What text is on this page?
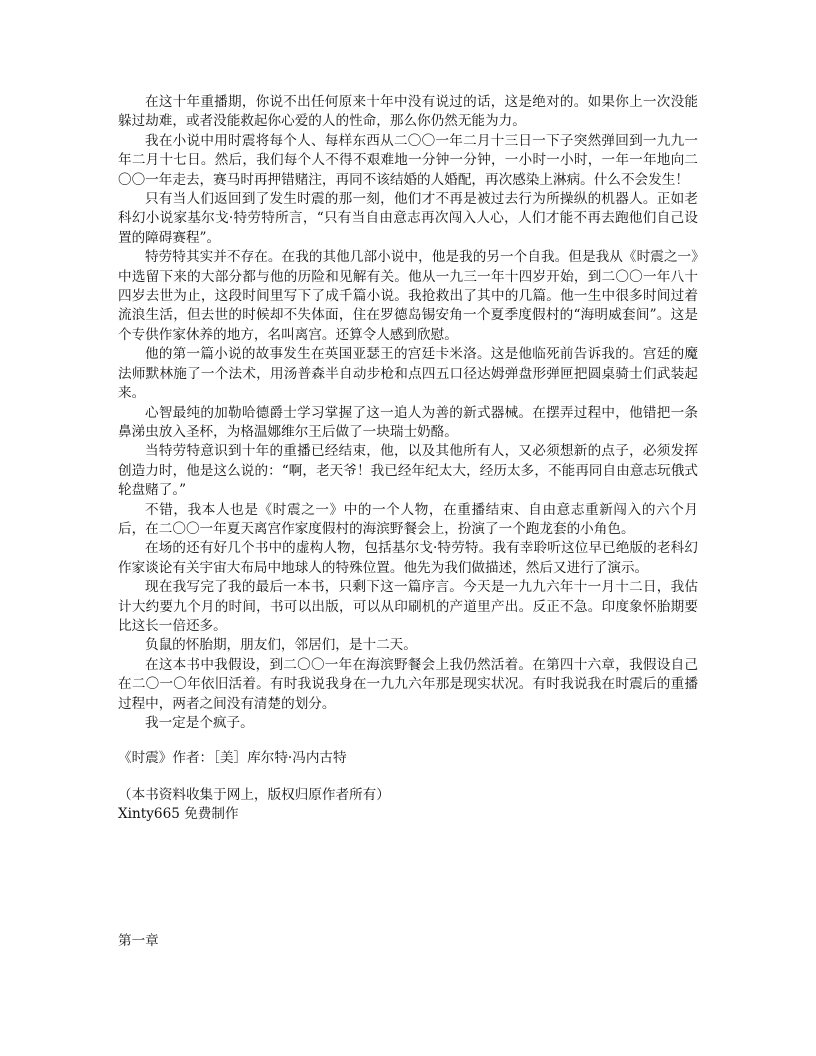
在这十年重播期，你说不出任何原来十年中没有说过的话，这是绝对的。如果你上一次没能躲过劫难，或者没能救起你心爱的人的性命，那么你仍然无能为力。

我在小说中用时震将每个人、每样东西从二〇〇一年二月十三日一下子突然弹回到一九九一年二月十七日。然后，我们每个人不得不艰难地一分钟一分钟，一小时一小时，一年一年地向二〇〇一年走去，赛马时再押错赌注，再同不该结婚的人婚配，再次感染上淋病。什么不会发生！

只有当人们返回到了发生时震的那一刻，他们才不再是被过去行为所操纵的机器人。正如老科幻小说家基尔戈·特劳特所言，“只有当自由意志再次闯入人心，人们才能不再去跑他们自己设置的障碍赛程”。

特劳特其实并不存在。在我的其他几部小说中，他是我的另一个自我。但是我从《时震之一》中选留下来的大部分都与他的历险和见解有关。他从一九三一年十四岁开始，到二〇〇一年八十四岁去世为止，这段时间里写下了成千篇小说。我抢救出了其中的几篇。他一生中很多时间过着流浪生活，但去世的时候却不失体面，住在罗德岛锡安角一个夏季度假村的“海明威套间”。这是个专供作家休养的地方，名叫离宫。还算令人感到欣慰。

他的第一篇小说的故事发生在英国亚瑟王的宫廷卡米洛。这是他临死前告诉我的。宫廷的魔法师默林施了一个法术，用汤普森半自动步枪和点四五口径达姆弹盘形弹匣把圆桌骑士们武装起来。

心智最纯的加勒哈德爵士学习掌握了这一追人为善的新式器械。在摆弄过程中，他错把一条鼻涕虫放入圣杯，为格温娜维尔王后做了一块瑞士奶酪。

当特劳特意识到十年的重播已经结束，他，以及其他所有人，又必须想新的点子，必须发挥创造力时，他是这么说的：“啊，老天爷！我已经年纪太大，经历太多，不能再同自由意志玩俄式轮盘赌了。”

不错，我本人也是《时震之一》中的一个人物，在重播结束、自由意志重新闯入的六个月后，在二〇〇一年夏天离宫作家度假村的海滨野餐会上，扮演了一个跑龙套的小角色。

在场的还有好几个书中的虚构人物，包括基尔戈·特劳特。我有幸聆听这位早已绝版的老科幻作家谈论有关宇宙大布局中地球人的特殊位置。他先为我们做描述，然后又进行了演示。

现在我写完了我的最后一本书，只剩下这一篇序言。今天是一九九六年十一月十二日，我估计大约要九个月的时间，书可以出版，可以从印刷机的产道里产出。反正不急。印度象怀胎期要比这长一倍还多。

负鼠的怀胎期，朋友们，邻居们，是十二天。

在这本书中我假设，到二〇〇一年在海滨野餐会上我仍然活着。在第四十六章，我假设自己在二〇一〇年依旧活着。有时我说我身在一九九六年那是现实状况。有时我说我在时震后的重播过程中，两者之间没有清楚的划分。

我一定是个疯子。

《时震》作者：［美］库尔特·冯内古特

（本书资料收集于网上，版权归原作者所有）

Xinty665 免费制作

第一章
